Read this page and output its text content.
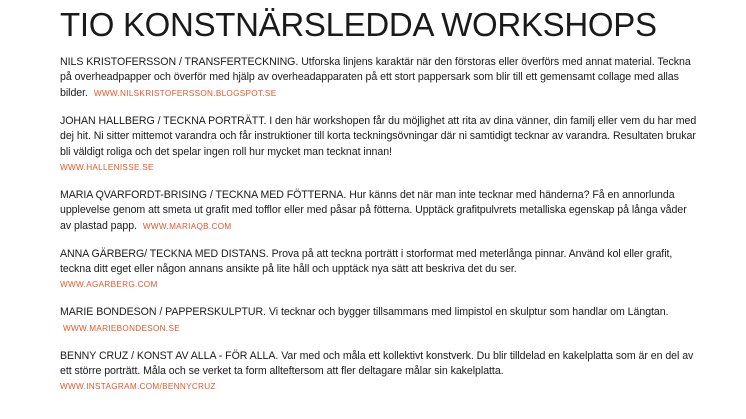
TIO KONSTNÄRSLEDDA WORKSHOPS

NILS KRISTOFERSSON / TRANSFERTECKNING. Utforska linjens karaktär när den förstoras eller överförs med annat material. Teckna på overheadpapper och överför med hjälp av overheadapparaten på ett stort pappersark som blir till ett gemensamt collage med allas bilder. WWW.NILSKRISTOFERSSON.BLOGSPOT.SE

JOHAN HALLBERG / TECKNA PORTRÄTT. I den här workshopen får du möjlighet att rita av dina vänner, din familj eller vem du har med dej hit. Ni sitter mittemot varandra och får instruktioner till korta teckningsövningar där ni samtidigt tecknar av varandra. Resultaten brukar bli väldigt roliga och det spelar ingen roll hur mycket man tecknat innan!
WWW.HALLENISSE.SE

MARIA QVARFORDT-BRISING / TECKNA MED FÖTTERNA. Hur känns det när man inte tecknar med händerna? Få en annorlunda upplevelse genom att smeta ut grafit med tofflor eller med påsar på fötterna. Upptäck grafitpulvrets metalliska egenskap på långa våder av plastad papp. WWW.MARIAQB.COM

ANNA GÄRBERG/ TECKNA MED DISTANS. Prova på att teckna porträtt i storformat med meterlånga pinnar. Använd kol eller grafit, teckna ditt eget eller någon annans ansikte på lite håll och upptäck nya sätt att beskriva det du ser.
WWW.AGARBERG.COM

MARIE BONDESON / PAPPERSKULPTUR. Vi tecknar och bygger tillsammans med limpistol en skulptur som handlar om Längtan. WWW.MARIEBONDESON.SE

BENNY CRUZ / KONST AV ALLA - FÖR ALLA. Var med och måla ett kollektivt konstverk. Du blir tilldelad en kakelplatta som är en del av ett större porträtt. Måla och se verket ta form allteftersom att fler deltagare målar sin kakelplatta.
WWW.INSTAGRAM.COM/BENNYCRUZ
